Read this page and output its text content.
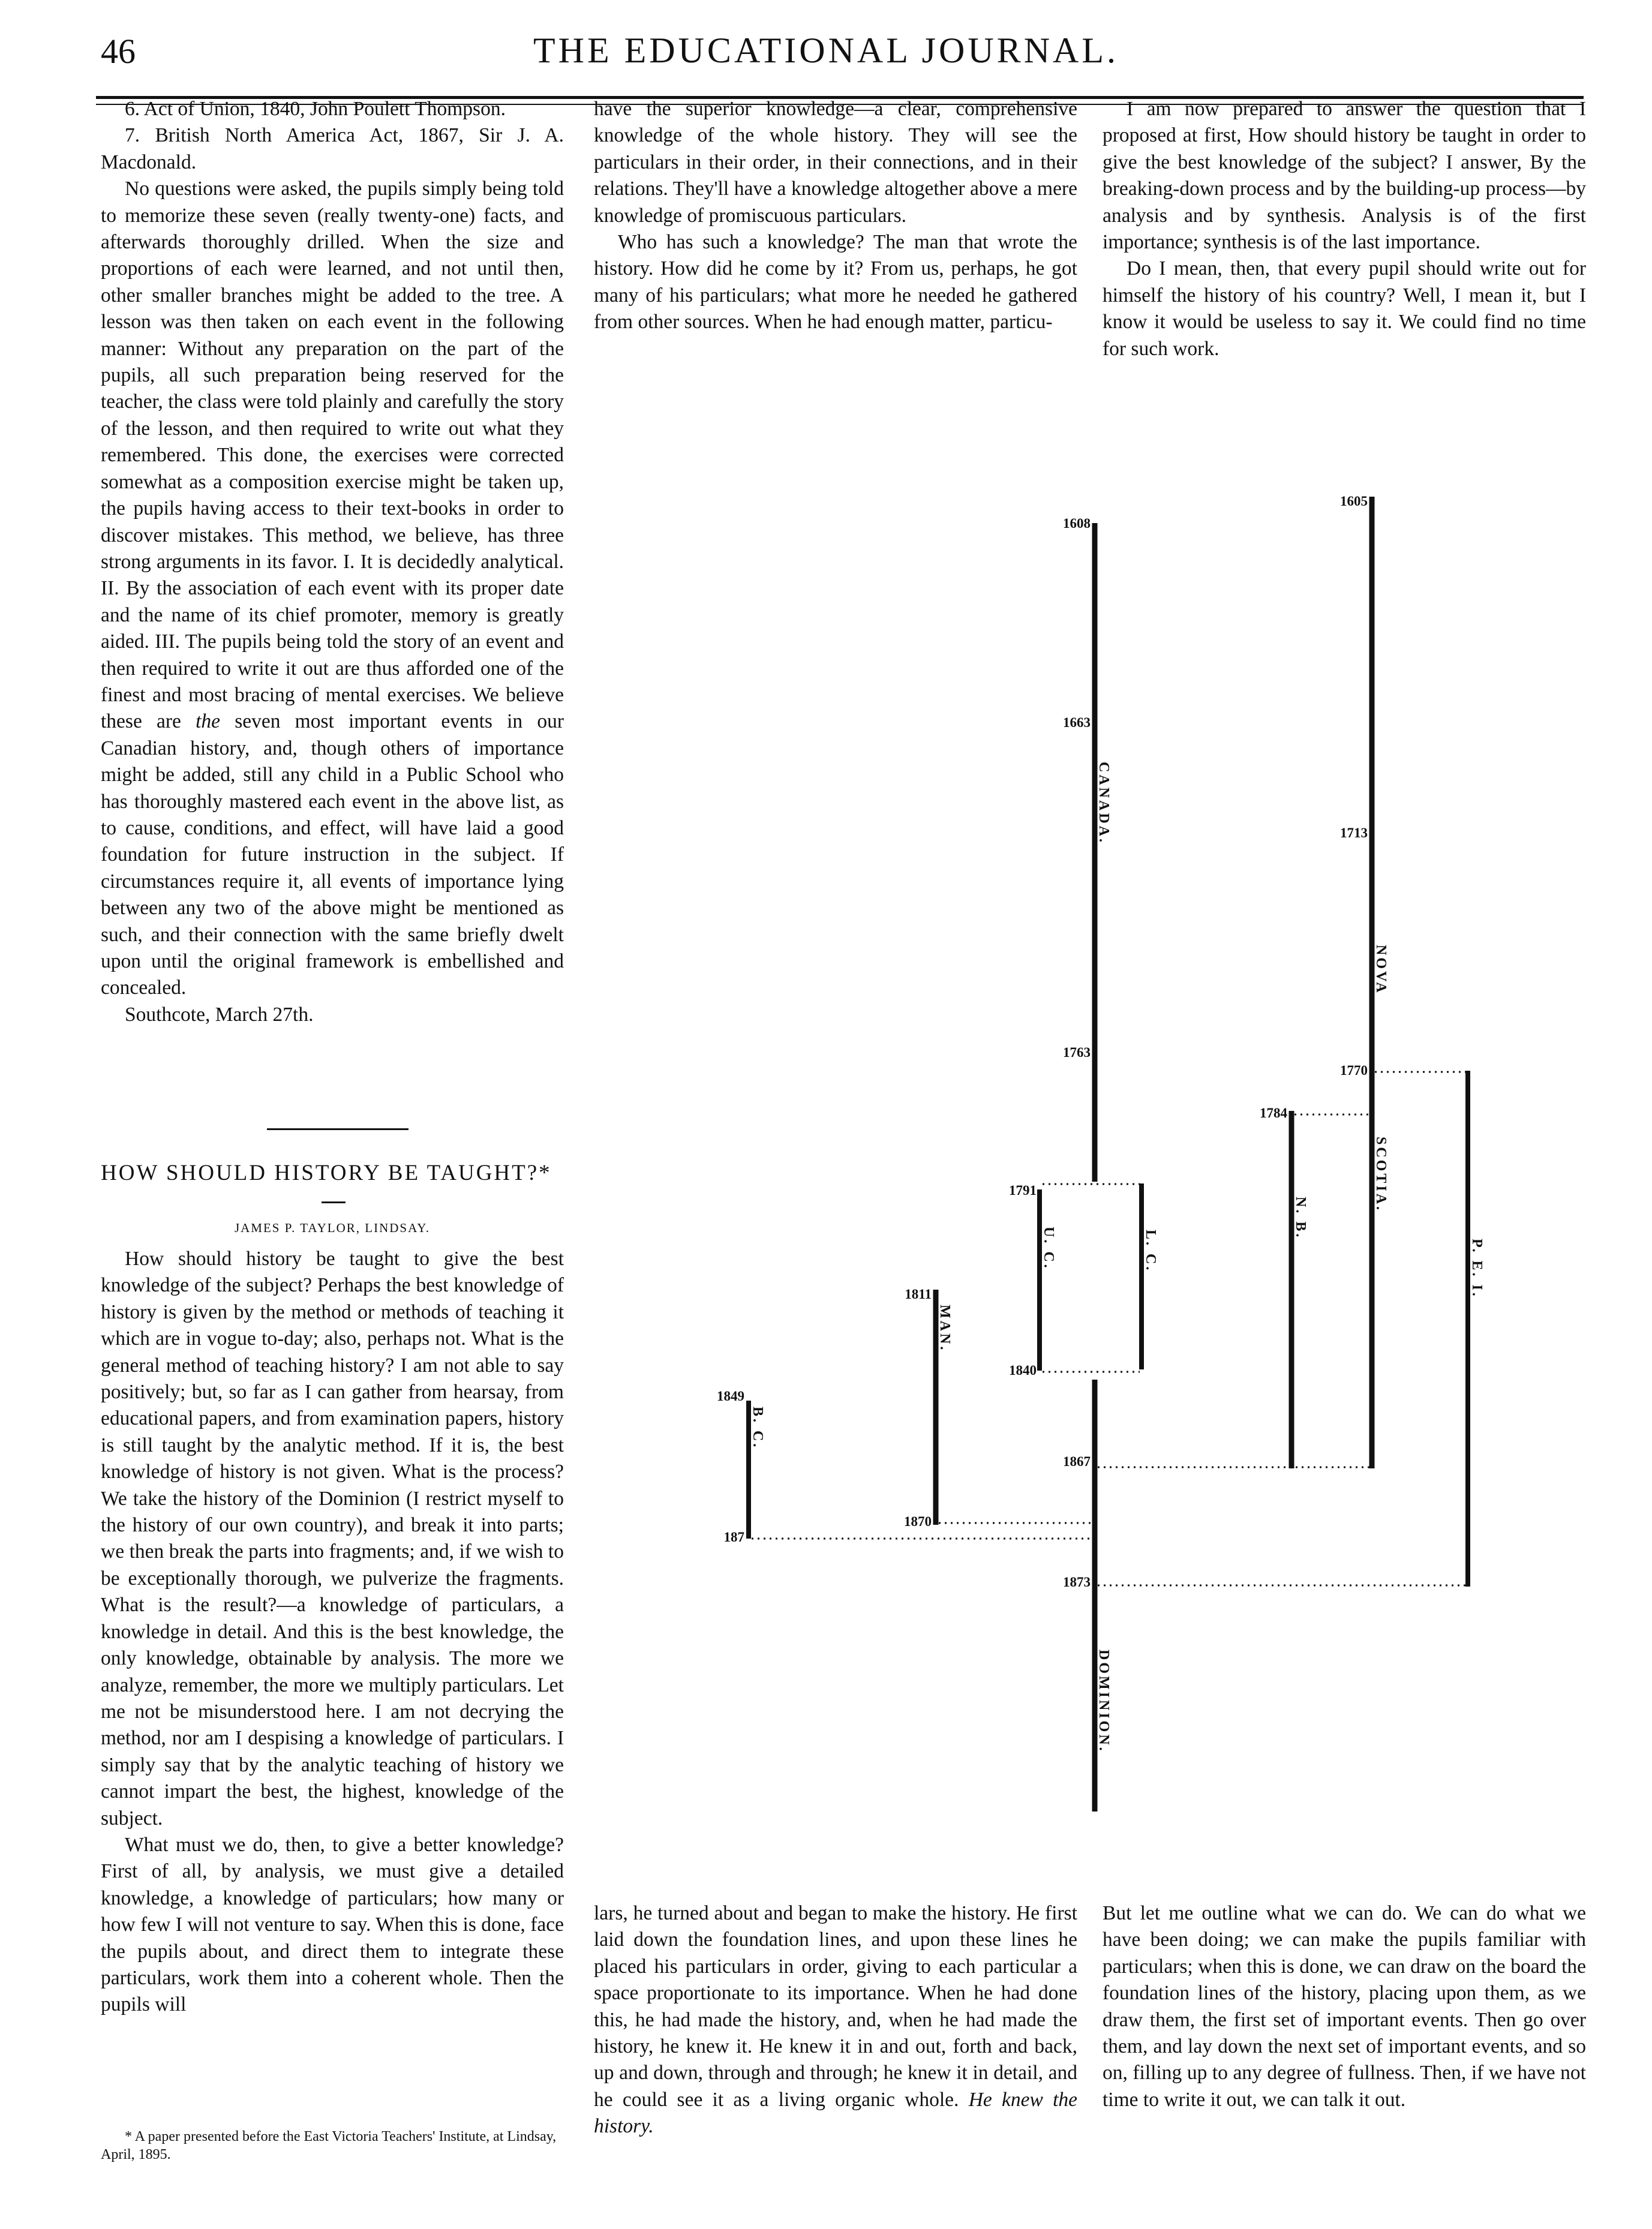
46	THE EDUCATIONAL JOURNAL.

6. Act of Union, 1840, John Poulett Thompson.

7. British North America Act, 1867, Sir J. A. Macdonald.

No questions were asked, the pupils simply being told to memorize these seven (really twenty-one) facts, and afterwards thoroughly drilled. When the size and proportions of each were learned, and not until then, other smaller branches might be added to the tree. A lesson was then taken on each event in the following manner: Without any preparation on the part of the pupils, all such preparation being reserved for the teacher, the class were told plainly and carefully the story of the lesson, and then required to write out what they remembered. This done, the exercises were corrected somewhat as a composition exercise might be taken up, the pupils having access to their text-books in order to discover mistakes. This method, we believe, has three strong arguments in its favor. I. It is decidedly analytical. II. By the association of each event with its proper date and the name of its chief promoter, memory is greatly aided. III. The pupils being told the story of an event and then required to write it out are thus afforded one of the finest and most bracing of mental exercises. We believe these are the seven most important events in our Canadian history, and, though others of importance might be added, still any child in a Public School who has thoroughly mastered each event in the above list, as to cause, conditions, and effect, will have laid a good foundation for future instruction in the subject. If circumstances require it, all events of importance lying between any two of the above might be mentioned as such, and their connection with the same briefly dwelt upon until the original framework is embellished and concealed.

Southcote, March 27th.

HOW SHOULD HISTORY BE TAUGHT?*
JAMES P. TAYLOR, LINDSAY.

How should history be taught to give the best knowledge of the subject? Perhaps the best knowledge of history is given by the method or methods of teaching it which are in vogue to-day; also, perhaps not. What is the general method of teaching history? I am not able to say positively; but, so far as I can gather from hearsay, from educational papers, and from examination papers, history is still taught by the analytic method. If it is, the best knowledge of history is not given. What is the process? We take the history of the Dominion (I restrict myself to the history of our own country), and break it into parts; we then break the parts into fragments; and, if we wish to be exceptionally thorough, we pulverize the fragments. What is the result?—a knowledge of particulars, a knowledge in detail. And this is the best knowledge, the only knowledge, obtainable by analysis. The more we analyze, remember, the more we multiply particulars. Let me not be misunderstood here. I am not decrying the method, nor am I despising a knowledge of particulars. I simply say that by the analytic teaching of history we cannot impart the best, the highest, knowledge of the subject.

What must we do, then, to give a better knowledge? First of all, by analysis, we must give a detailed knowledge, a knowledge of particulars; how many or how few I will not venture to say. When this is done, face the pupils about, and direct them to integrate these particulars, work them into a coherent whole. Then the pupils will

* A paper presented before the East Victoria Teachers' Institute, at Lindsay, April, 1895.

have the superior knowledge—a clear, comprehensive knowledge of the whole history. They will see the particulars in their order, in their connections, and in their relations. They'll have a knowledge altogether above a mere knowledge of promiscuous particulars.

Who has such a knowledge? The man that wrote the history. How did he come by it? From us, perhaps, he got many of his particulars; what more he needed he gathered from other sources. When he had enough matter, particu-

I am now prepared to answer the question that I proposed at first, How should history be taught in order to give the best knowledge of the subject? I answer, By the breaking-down process and by the building-up process—by analysis and by synthesis. Analysis is of the first importance; synthesis is of the last importance.

Do I mean, then, that every pupil should write out for himself the history of his country? Well, I mean it, but I know it would be useless to say it. We could find no time for such work.

1608
1663
1763
1791
1840
1867
1873
1605
1713
1770
1784
1811
1870
1849
187
CANADA.
NOVA
SCOTIA.
U. C.	L. C.
N. B.
P. E. I.
MAN.
B. C.
DOMINION.

lars, he turned about and began to make the history. He first laid down the foundation lines, and upon these lines he placed his particulars in order, giving to each particular a space proportionate to its importance. When he had done this, he had made the history, and, when he had made the history, he knew it. He knew it in and out, forth and back, up and down, through and through; he knew it in detail, and he could see it as a living organic whole. He knew the history.

But let me outline what we can do. We can do what we have been doing; we can make the pupils familiar with particulars; when this is done, we can draw on the board the foundation lines of the history, placing upon them, as we draw them, the first set of important events. Then go over them, and lay down the next set of important events, and so on, filling up to any degree of fullness. Then, if we have not time to write it out, we can talk it out.
